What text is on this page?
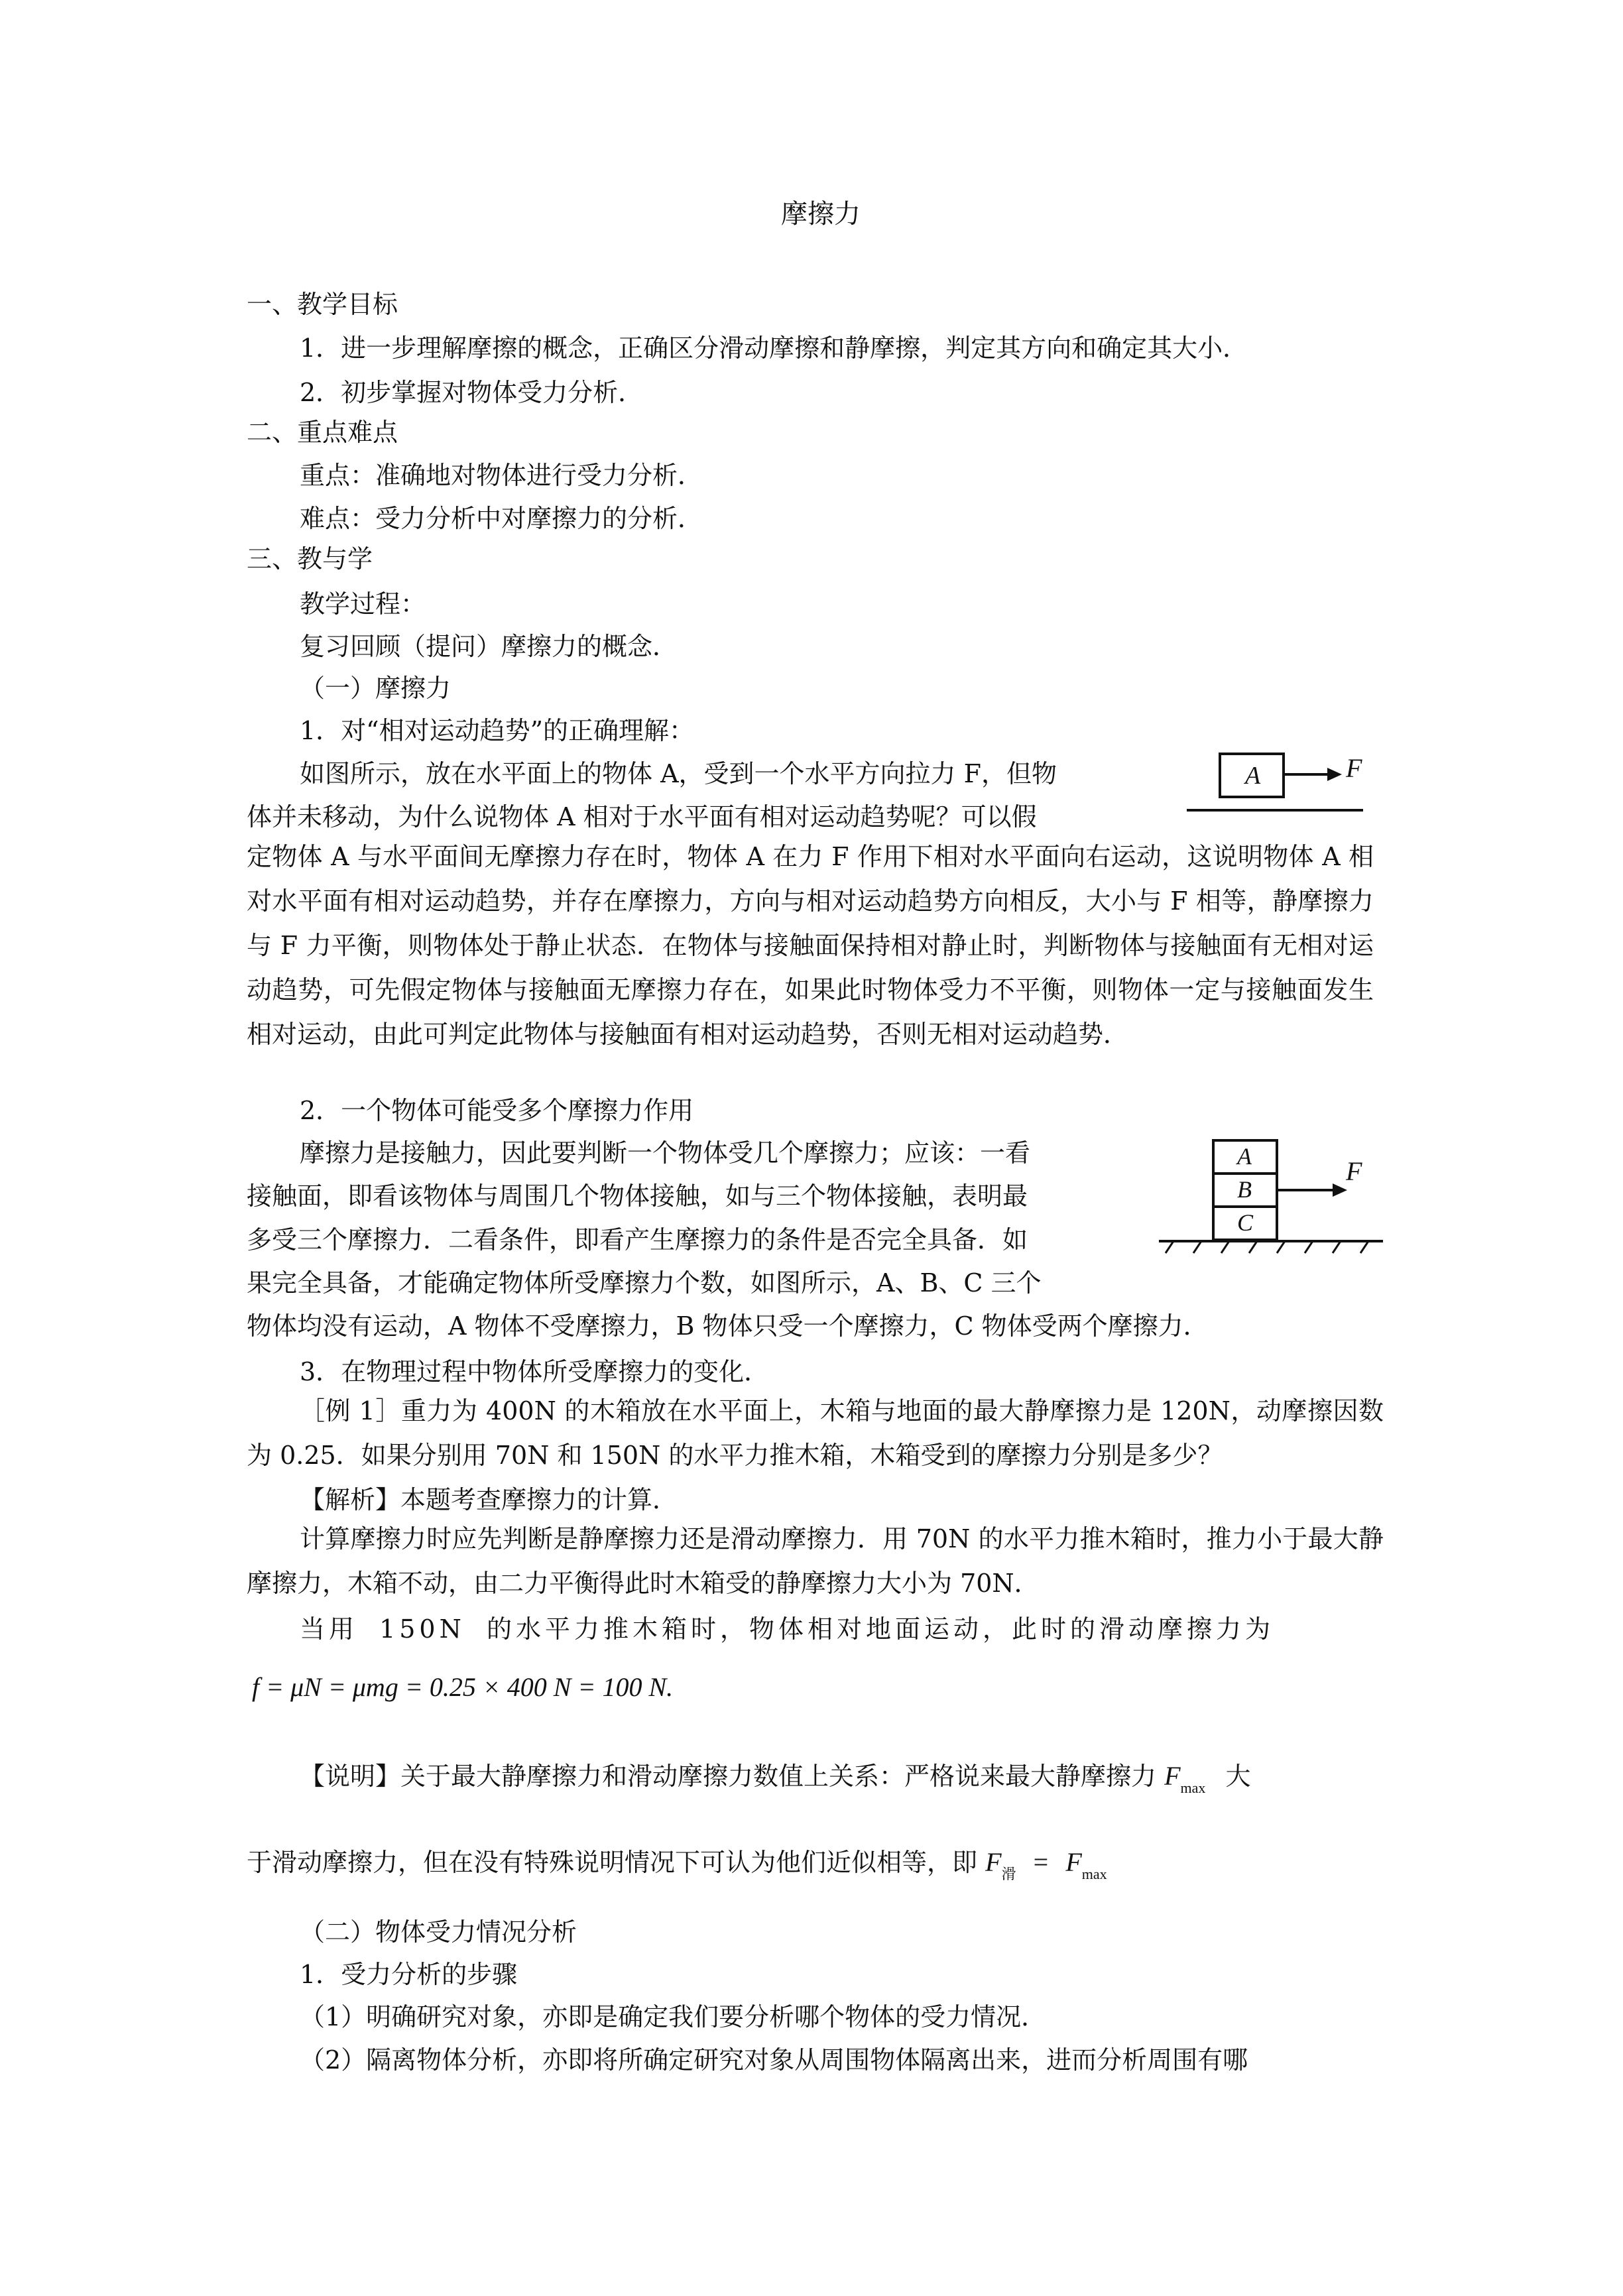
摩擦力
一、教学目标
1．进一步理解摩擦的概念，正确区分滑动摩擦和静摩擦，判定其方向和确定其大小．
2．初步掌握对物体受力分析．
二、重点难点
重点：准确地对物体进行受力分析．
难点：受力分析中对摩擦力的分析．
三、教与学
教学过程：
复习回顾（提问）摩擦力的概念．
（一）摩擦力
1．对“相对运动趋势”的正确理解：
如图所示，放在水平面上的物体 A，受到一个水平方向拉力 F，但物
体并未移动，为什么说物体 A 相对于水平面有相对运动趋势呢？可以假
定物体 A 与水平面间无摩擦力存在时，物体 A 在力 F 作用下相对水平面向右运动，这说明物体 A 相对水平面有相对运动趋势，并存在摩擦力，方向与相对运动趋势方向相反，大小与 F 相等，静摩擦力与 F 力平衡，则物体处于静止状态．在物体与接触面保持相对静止时，判断物体与接触面有无相对运动趋势，可先假定物体与接触面无摩擦力存在，如果此时物体受力不平衡，则物体一定与接触面发生相对运动，由此可判定此物体与接触面有相对运动趋势，否则无相对运动趋势．
A	F
2．一个物体可能受多个摩擦力作用
摩擦力是接触力，因此要判断一个物体受几个摩擦力；应该：一看
接触面，即看该物体与周围几个物体接触，如与三个物体接触，表明最
多受三个摩擦力．二看条件，即看产生摩擦力的条件是否完全具备．如
果完全具备，才能确定物体所受摩擦力个数，如图所示，A、B、C 三个
物体均没有运动，A 物体不受摩擦力，B 物体只受一个摩擦力，C 物体受两个摩擦力．
A
B
C
F
3．在物理过程中物体所受摩擦力的变化．
［例 1］重力为 400N 的木箱放在水平面上，木箱与地面的最大静摩擦力是 120N，动摩擦因数为 0.25．如果分别用 70N 和 150N 的水平力推木箱，木箱受到的摩擦力分别是多少？
【解析】本题考查摩擦力的计算．
计算摩擦力时应先判断是静摩擦力还是滑动摩擦力．用 70N 的水平力推木箱时，推力小于最大静摩擦力，木箱不动，由二力平衡得此时木箱受的静摩擦力大小为 70N．
当用 150N 的水平力推木箱时，物体相对地面运动，此时的滑动摩擦力为
f = μN = μmg = 0.25 × 400 N = 100 N.
【说明】关于最大静摩擦力和滑动摩擦力数值上关系：严格说来最大静摩擦力 $F_{max}$ 大
于滑动摩擦力，但在没有特殊说明情况下可认为他们近似相等，即 $F_滑 = F_{max}$
（二）物体受力情况分析
1．受力分析的步骤
（1）明确研究对象，亦即是确定我们要分析哪个物体的受力情况．
（2）隔离物体分析，亦即将所确定研究对象从周围物体隔离出来，进而分析周围有哪
